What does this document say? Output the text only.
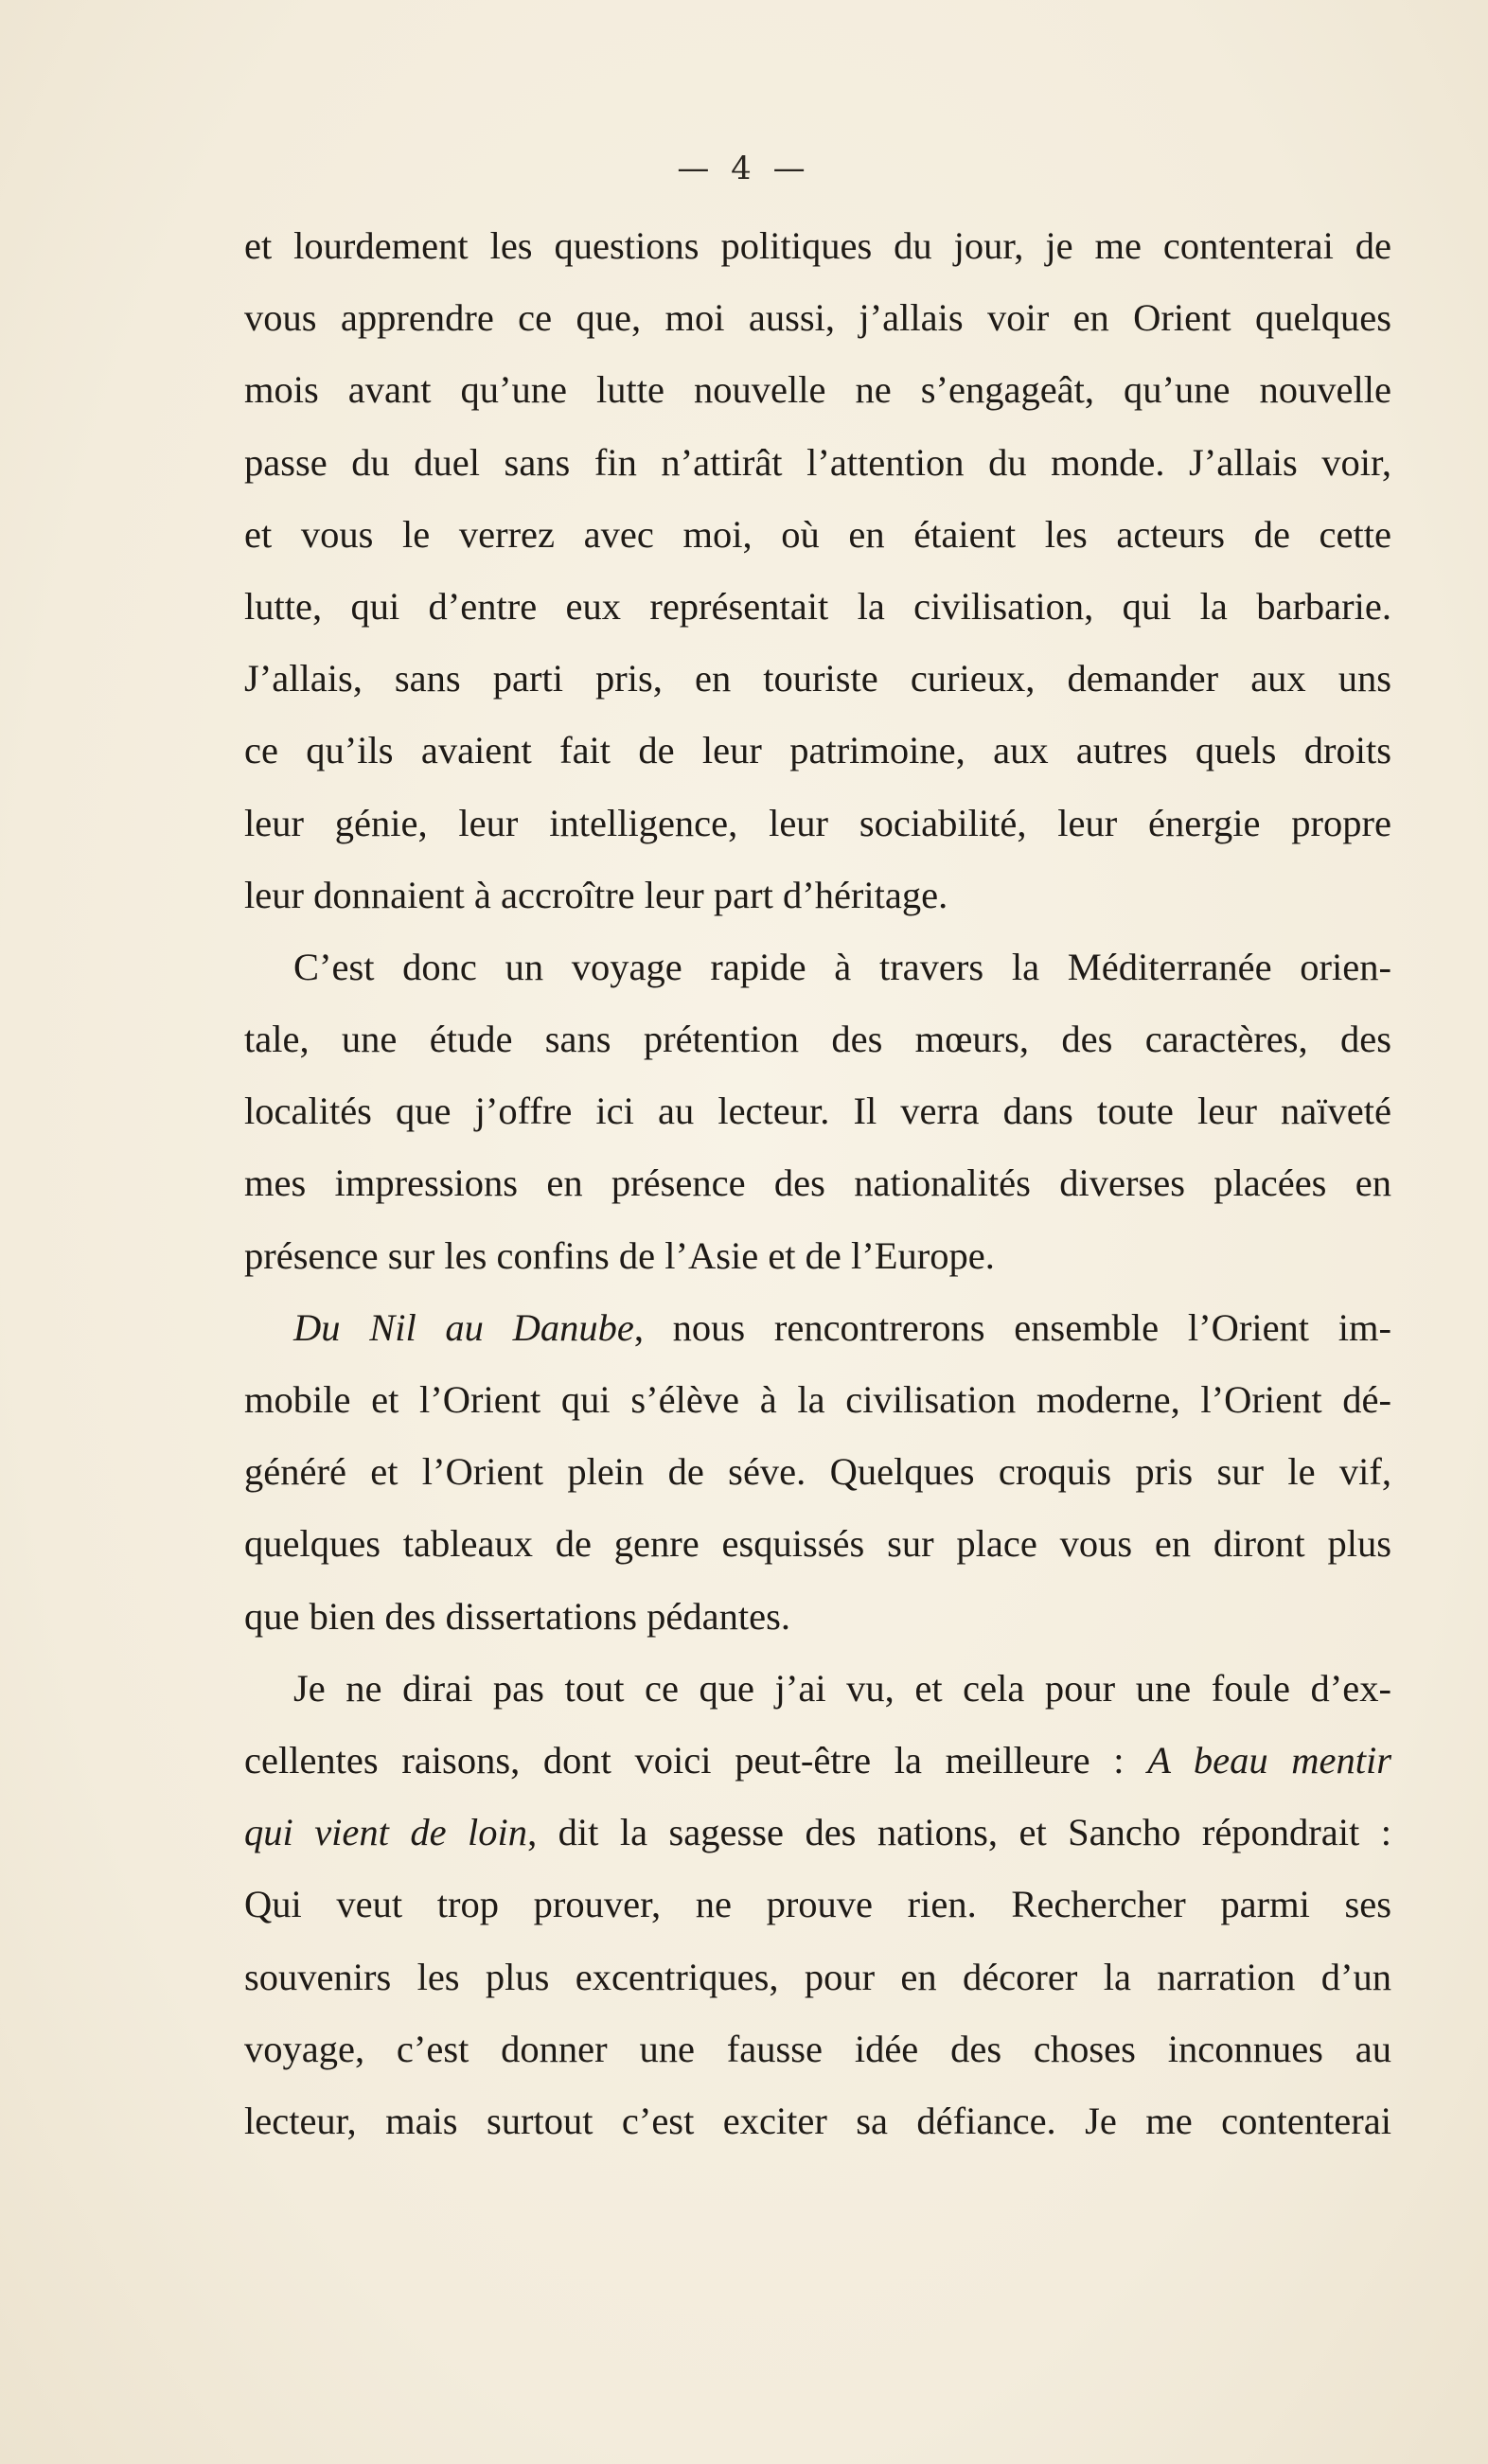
— 4 —
et lourdement les questions politiques du jour, je me contenterai de
vous apprendre ce que, moi aussi, j’allais voir en Orient quelques
mois avant qu’une lutte nouvelle ne s’engageât, qu’une nouvelle
passe du duel sans fin n’attirât l’attention du monde. J’allais voir,
et vous le verrez avec moi, où en étaient les acteurs de cette
lutte, qui d’entre eux représentait la civilisation, qui la barbarie.
J’allais, sans parti pris, en touriste curieux, demander aux uns
ce qu’ils avaient fait de leur patrimoine, aux autres quels droits
leur génie, leur intelligence, leur sociabilité, leur énergie propre
leur donnaient à accroître leur part d’héritage.
C’est donc un voyage rapide à travers la Méditerranée orien-
tale, une étude sans prétention des mœurs, des caractères, des
localités que j’offre ici au lecteur. Il verra dans toute leur naïveté
mes impressions en présence des nationalités diverses placées en
présence sur les confins de l’Asie et de l’Europe.
Du Nil au Danube, nous rencontrerons ensemble l’Orient im-
mobile et l’Orient qui s’élève à la civilisation moderne, l’Orient dé-
généré et l’Orient plein de séve. Quelques croquis pris sur le vif,
quelques tableaux de genre esquissés sur place vous en diront plus
que bien des dissertations pédantes.
Je ne dirai pas tout ce que j’ai vu, et cela pour une foule d’ex-
cellentes raisons, dont voici peut-être la meilleure : A beau mentir
qui vient de loin, dit la sagesse des nations, et Sancho répondrait :
Qui veut trop prouver, ne prouve rien. Rechercher parmi ses
souvenirs les plus excentriques, pour en décorer la narration d’un
voyage, c’est donner une fausse idée des choses inconnues au
lecteur, mais surtout c’est exciter sa défiance. Je me contenterai
